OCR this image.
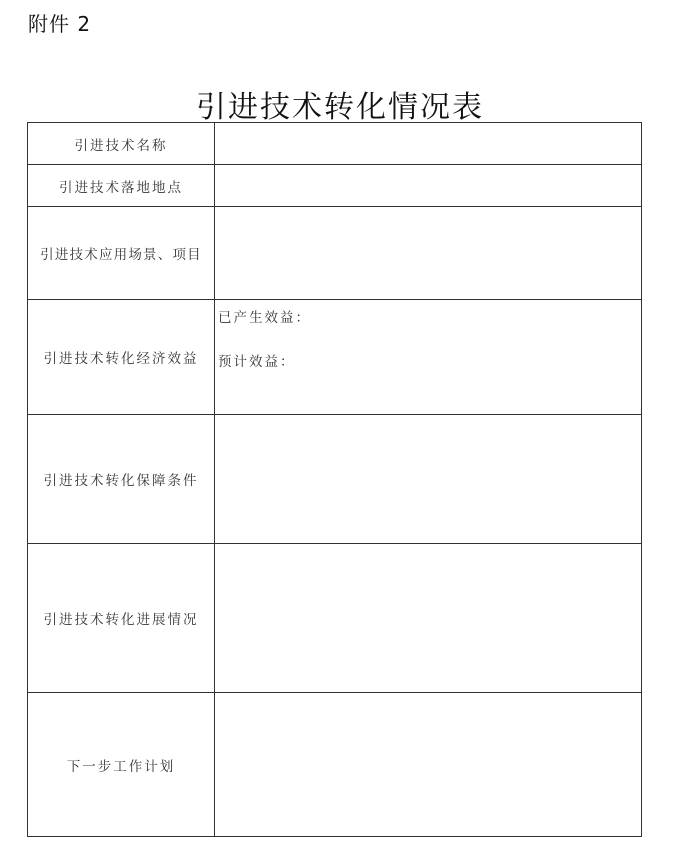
附件 2
引进技术转化情况表
引进技术名称	
引进技术落地地点	
引进技术应用场景、项目	
引进技术转化经济效益	已产生效益：
预计效益：

引进技术转化保障条件	
引进技术转化进展情况	
下一步工作计划	
